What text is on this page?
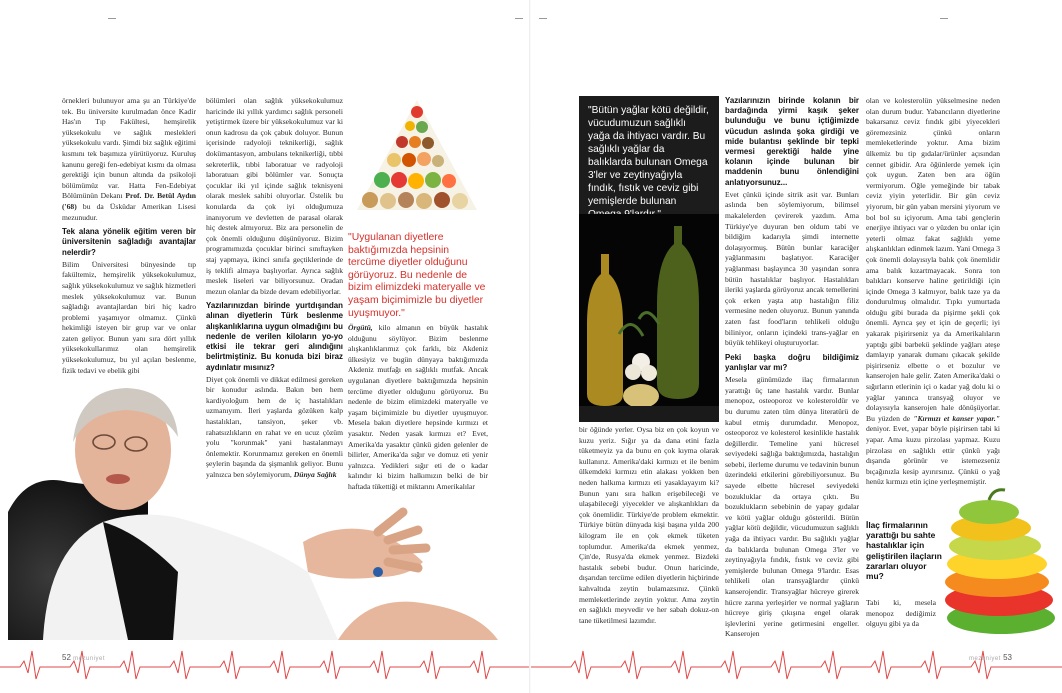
örnekleri bulunuyor ama şu an Türkiye'de tek. Bu üniversite kurulmadan önce Kadir Has'ın Tıp Fakültesi, hemşirelik yüksekokulu ve sağlık meslekleri yüksekokulu vardı. Şimdi biz sağlık eğitimi kısmını tek başımıza yürütüyoruz. Kuruluş kanunu gereği fen-edebiyat kısmı da olması gerektiği için bunun altında da psikoloji bölümümüz var. Hatta Fen-Edebiyat Bölümünün Dekanı Prof. Dr. Betül Aydın ('68) bu da Üsküdar Amerikan Lisesi mezunudur.

Tek alana yönelik eğitim veren bir üniversitenin sağladığı avantajlar nelerdir?

Bilim Üniversitesi bünyesinde tıp fakültemiz, hemşirelik yüksekokulumuz, sağlık yüksekokulumuz ve sağlık hizmetleri meslek yüksekokulumuz var. Bunun sağladığı avantajlardan biri hiç kadro problemi yaşamıyor olmamız. Çünkü hekimliği isteyen bir grup var ve onlar zaten geliyor. Bunun yanı sıra dört yıllık yüksekokullarımız olan hemşirelik yüksekokulumuz, bu yıl açılan beslenme, fizik tedavi ve ebelik gibi

bölümleri olan sağlık yüksekokulumuz haricinde iki yıllık yardımcı sağlık personeli yetiştirmek üzere bir yüksekokulumuz var ki onun kadrosu da çok çabuk doluyor. Bunun içerisinde radyoloji teknikerliği, sağlık dokümantasyon, ambulans teknikerliği, tıbbi sekreterlik, tıbbi laboratuar ve radyoloji laboratuarı gibi bölümler var. Sonuçta çocuklar iki yıl içinde sağlık teknisyeni olarak meslek sahibi oluyorlar. Üstelik bu konularda da çok iyi olduğumuza inanıyorum ve devletten de parasal olarak hiç destek almıyoruz. Biz ara personelin de çok önemli olduğunu düşünüyoruz. Bizim programımızda çocuklar birinci sınıftayken staj yapmaya, ikinci sınıfa geçtiklerinde de iş teklifi almaya başlıyorlar. Ayrıca sağlık meslek liseleri var biliyorsunuz. Oradan mezun olanlar da bizde devam edebiliyorlar.

Yazılarınızdan birinde yurtdışından alınan diyetlerin Türk beslenme alışkanlıklarına uygun olmadığını bu nedenle de verilen kiloların yo-yo etkisi ile tekrar geri alındığını belirtmiştiniz. Bu konuda bizi biraz aydınlatır mısınız?

Diyet çok önemli ve dikkat edilmesi gereken bir konudur aslında. Bakın ben hem kardiyoloğum hem de iç hastalıkları uzmanıyım. İleri yaşlarda gözüken kalp hastalıkları, tansiyon, şeker vb. rahatsızlıkların en rahat ve en ucuz çözüm yolu "korunmak" yani hastalanmayı önlemektir. Korunmamız gereken en önemli şeylerin başında da şişmanlık geliyor. Bunu yalnızca ben söylemiyorum, Dünya Sağlık

"Uygulanan diyetlere baktığımızda hepsinin tercüme diyetler olduğunu görüyoruz. Bu nedenle de bizim elimizdeki materyalle ve yaşam biçimimizle bu diyetler uyuşmuyor."

Örgütü, kilo almanın en büyük hastalık olduğunu söylüyor. Bizim beslenme alışkanlıklarımız çok farklı, biz Akdeniz ülkesiyiz ve bugün dünyaya baktığımızda Akdeniz mutfağı en sağlıklı mutfak. Ancak uygulanan diyetlere baktığımızda hepsinin tercüme diyetler olduğunu görüyoruz. Bu nedenle de bizim elimizdeki materyalle ve yaşam biçimimizle bu diyetler uyuşmuyor. Mesela bakın diyetlere hepsinde kırmızı et yasaktır. Neden yasak kırmızı et? Evet, Amerika'da yasaktır çünkü giden gelenler de bilirler, Amerika'da sığır ve domuz eti yenir yalnızca. Yedikleri sığır eti de o kadar kalındır ki bizim halkımızın belki de bir haftada tükettiği et miktarını Amerikalılar

52 mezuniyet
"Bütün yağlar kötü değildir, vücudumuzun sağlıklı yağa da ihtiyacı vardır. Bu sağlıklı yağlar da balıklarda bulunan Omega 3'ler ve zeytinyağıyla fındık, fıstık ve ceviz gibi yemişlerde bulunan

bir öğünde yerler. Oysa biz en çok koyun ve kuzu yeriz. Sığır ya da dana etini fazla tüketmeyiz ya da bunu en çok kıyma olarak kullanırız. Amerika'daki kırmızı et ile benim ülkemdeki kırmızı etin alakası yokken ben neden halkıma kırmızı eti yasaklayayım ki? Bunun yanı sıra halkın erişebileceği ve ulaşabileceği yiyecekler ve alışkanlıkları da çok önemlidir. Türkiye'de problem ekmektir. Türkiye bütün dünyada kişi başına yılda 200 kilogram ile en çok ekmek tüketen toplumdur. Amerika'da ekmek yenmez, Çin'de, Rusya'da ekmek yenmez. Bizdeki hastalık sebebi budur. Onun haricinde, dışarıdan tercüme edilen diyetlerin hiçbirinde kahvaltıda zeytin bulamazsınız. Çünkü memleketlerinde zeytin yoktur. Ama zeytin en sağlıklı meyvedir ve her sabah dokuz-on tane tüketilmesi lazımdır.

Yazılarınızın birinde kolanın bir bardağında yirmi kaşık şeker bulunduğu ve bunu içtiğimizde vücudun aslında şoka girdiği ve mide bulantısı şeklinde bir tepki vermesi gerektiği halde yine kolanın içinde bulunan bir maddenin bunu önlendiğini anlatıyorsunuz...

Evet çünkü içinde sitrik asit var. Bunları aslında ben söylemiyorum, bilimsel makalelerden çevirerek yazdım. Ama Türkiye'ye duyuran ben oldum tabi ve bildiğim kadarıyla şimdi internette dolaşıyormuş. Bütün bunlar karaciğer yağlanmasını başlatıyor. Karaciğer yağlanması başlayınca 30 yaşından sonra bütün hastalıklar başlıyor. Hastalıkları ileriki yaşlarda görüyoruz ancak temellerini çok erken yaşta atıp hastalığın filiz vermesine neden oluyoruz. Bunun yanında zaten fast food'ların tehlikeli olduğu biliniyor, onların içindeki trans-yağlar en büyük tehlikeyi oluşturuyorlar.

Peki başka doğru bildiğimiz yanlışlar var mı?

Mesela günümüzde ilaç firmalarının yarattığı üç tane hastalık vardır. Bunlar menopoz, osteoporoz ve kolesteroldür ve bu durumu zaten tüm dünya literatürü de kabul etmiş durumdadır. Menopoz, osteoporoz ve kolesterol kesinlikle hastalık değillerdir. Temeline yani hücresel seviyedeki sağlığa baktığımızda, hastalığın sebebi, ilerleme durumu ve tedavinin bunun üzerindeki etkilerini görebiliyorsunuz. Bu sayede elbette hücresel seviyedeki bozukluklar da ortaya çıktı. Bu bozuklukların sebebinin de yapay gıdalar ve kötü yağlar olduğu gösterildi. Bütün yağlar kötü değildir, vücudumuzun sağlıklı yağa da ihtiyacı vardır. Bu sağlıklı yağlar da balıklarda bulunan Omega 3'ler ve zeytinyağıyla fındık, fıstık ve ceviz gibi yemişlerde bulunan Omega 9'lardır. Esas tehlikeli olan transyağlardır çünkü kanserojendir. Transyağlar hücreye girerek hücre zarına yerleşirler ve normal yağların hücreye giriş çıkışına engel olarak işlevlerini yerine getirmesini engeller. Kanserojen

olan ve kolesterolün yükselmesine neden olan durum budur. Yabancıların diyetlerine bakarsanız ceviz fındık gibi yiyecekleri göremezsiniz çünkü onların memleketlerinde yoktur. Ama bizim ülkemiz bu tip gıdalar/ürünler açısından cennet gibidir. Ara öğünlerde yemek için çok uygun. Zaten ben ara öğün vermiyorum. Öğle yemeğinde bir tabak ceviz yiyin yeterlidir. Bir gün ceviz yiyorum, bir gün yaban mersini yiyorum ve bol bol su içiyorum. Ama tabi gençlerin enerjiye ihtiyacı var o yüzden bu onlar için yeterli olmaz fakat sağlıklı yeme alışkanlıkları edinmek lazım. Yani Omega 3 çok önemli dolayısıyla balık çok önemlidir ama balık kızartmayacak. Sonra ton balıkları konserve haline getirildiği için içinde Omega 3 kalmıyor, balık taze ya da dondurulmuş olmalıdır. Tıpkı yumurtada olduğu gibi burada da pişirme şekli çok önemli. Ayrıca şey et için de geçerli; iyi yakarak pişirirseniz ya da Amerikalıların yaptığı gibi barbekü şeklinde yağları ateşe damlayıp yanarak dumanı çıkacak şekilde pişirirseniz elbette o et bozulur ve kanserojen hale gelir. Zaten Amerika'daki o sığırların etlerinin içi o kadar yağ dolu ki o yağlar yanınca transyağ oluyor ve dolayısıyla kanserojen hale dönüşüyorlar. Bu yüzden de "Kırmızı et kanser yapar." deniyor. Evet, yapar böyle pişirirsen tabi ki yapar. Ama kuzu pirzolası yapmaz. Kuzu pirzolası en sağlıklı ettir çünkü yağı dışarıda görünür ve istemezseniz bıçağınızla kesip ayırırsınız. Çünkü o yağ henüz kırmızı etin içine yerleşmemiştir.

İlaç firmalarının yarattığı bu sahte hastalıklar için geliştirilen ilaçların zararları oluyor mu?
Tabi ki, mesela menopoz dediğimiz olguyu gibi ya da
mezuniyet 53
